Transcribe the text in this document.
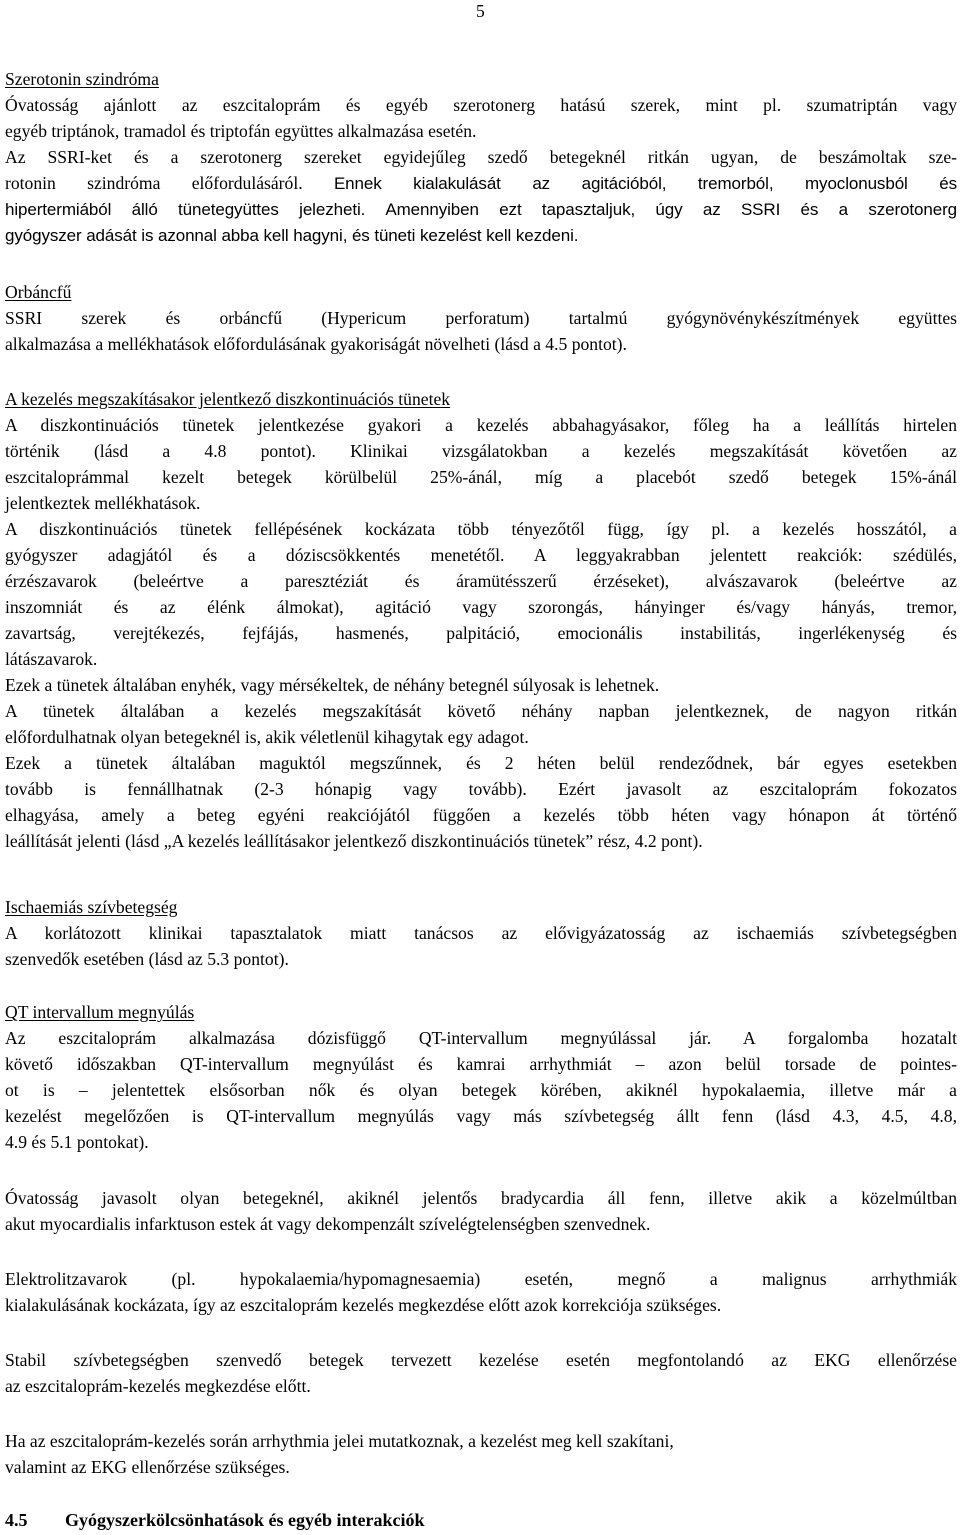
5
Szerotonin szindróma
Óvatosság ajánlott az eszcitaloprám és egyéb szerotonerg hatású szerek, mint pl. szumatriptán vagy
egyéb triptánok, tramadol és triptofán együttes alkalmazása esetén.
Az SSRI-ket és a szerotonerg szereket egyidejűleg szedő betegeknél ritkán ugyan, de beszámoltak sze-
rotonin szindróma előfordulásáról. Ennek kialakulását az agitációból, tremorból, myoclonusból és
hipertermiából álló tünetegyüttes jelezheti. Amennyiben ezt tapasztaljuk, úgy az SSRI és a szerotonerg
gyógyszer adását is azonnal abba kell hagyni, és tüneti kezelést kell kezdeni.
Orbáncfű
SSRI szerek és orbáncfű (Hypericum perforatum) tartalmú gyógynövénykészítmények együttes
alkalmazása a mellékhatások előfordulásának gyakoriságát növelheti (lásd a 4.5 pontot).
A kezelés megszakításakor jelentkező diszkontinuációs tünetek
A diszkontinuációs tünetek jelentkezése gyakori a kezelés abbahagyásakor, főleg ha a leállítás hirtelen
történik (lásd a 4.8 pontot). Klinikai vizsgálatokban a kezelés megszakítását követően az
eszcitaloprámmal kezelt betegek körülbelül 25%-ánál, míg a placebót szedő betegek 15%-ánál
jelentkeztek mellékhatások.
A diszkontinuációs tünetek fellépésének kockázata több tényezőtől függ, így pl. a kezelés hosszától, a
gyógyszer adagjától és a dóziscsökkentés menetétől. A leggyakrabban jelentett reakciók: szédülés,
érzészavarok (beleértve a paresztéziát és áramütésszerű érzéseket), alvászavarok (beleértve az
inszomniát és az élénk álmokat), agitáció vagy szorongás, hányinger és/vagy hányás, tremor,
zavartság, verejtékezés, fejfájás, hasmenés, palpitáció, emocionális instabilitás, ingerlékenység és
látászavarok.
Ezek a tünetek általában enyhék, vagy mérsékeltek, de néhány betegnél súlyosak is lehetnek.
A tünetek általában a kezelés megszakítását követő néhány napban jelentkeznek, de nagyon ritkán
előfordulhatnak olyan betegeknél is, akik véletlenül kihagytak egy adagot.
Ezek a tünetek általában maguktól megszűnnek, és 2 héten belül rendeződnek, bár egyes esetekben
tovább is fennállhatnak (2-3 hónapig vagy tovább). Ezért javasolt az eszcitaloprám fokozatos
elhagyása, amely a beteg egyéni reakciójától függően a kezelés több héten vagy hónapon át történő
leállítását jelenti (lásd „A kezelés leállításakor jelentkező diszkontinuációs tünetek” rész, 4.2 pont).
Ischaemiás szívbetegség
A korlátozott klinikai tapasztalatok miatt tanácsos az elővigyázatosság az ischaemiás szívbetegségben
szenvedők esetében (lásd az 5.3 pontot).
QT intervallum megnyúlás
Az eszcitaloprám alkalmazása dózisfüggő QT-intervallum megnyúlással jár. A forgalomba hozatalt
követő időszakban QT-intervallum megnyúlást és kamrai arrhythmiát – azon belül torsade de pointes-
ot is – jelentettek elsősorban nők és olyan betegek körében, akiknél hypokalaemia, illetve már a
kezelést megelőzően is QT-intervallum megnyúlás vagy más szívbetegség állt fenn (lásd 4.3, 4.5, 4.8,
4.9 és 5.1 pontokat).
Óvatosság javasolt olyan betegeknél, akiknél jelentős bradycardia áll fenn, illetve akik a közelmúltban
akut myocardialis infarktuson estek át vagy dekompenzált szívelégtelenségben szenvednek.
Elektrolitzavarok (pl. hypokalaemia/hypomagnesaemia) esetén, megnő a malignus arrhythmiák
kialakulásának kockázata, így az eszcitaloprám kezelés megkezdése előtt azok korrekciója szükséges.
Stabil szívbetegségben szenvedő betegek tervezett kezelése esetén megfontolandó az EKG ellenőrzése
az eszcitaloprám-kezelés megkezdése előtt.
Ha az eszcitaloprám-kezelés során arrhythmia jelei mutatkoznak, a kezelést meg kell szakítani,
valamint az EKG ellenőrzése szükséges.
4.5 Gyógyszerkölcsönhatások és egyéb interakciók
